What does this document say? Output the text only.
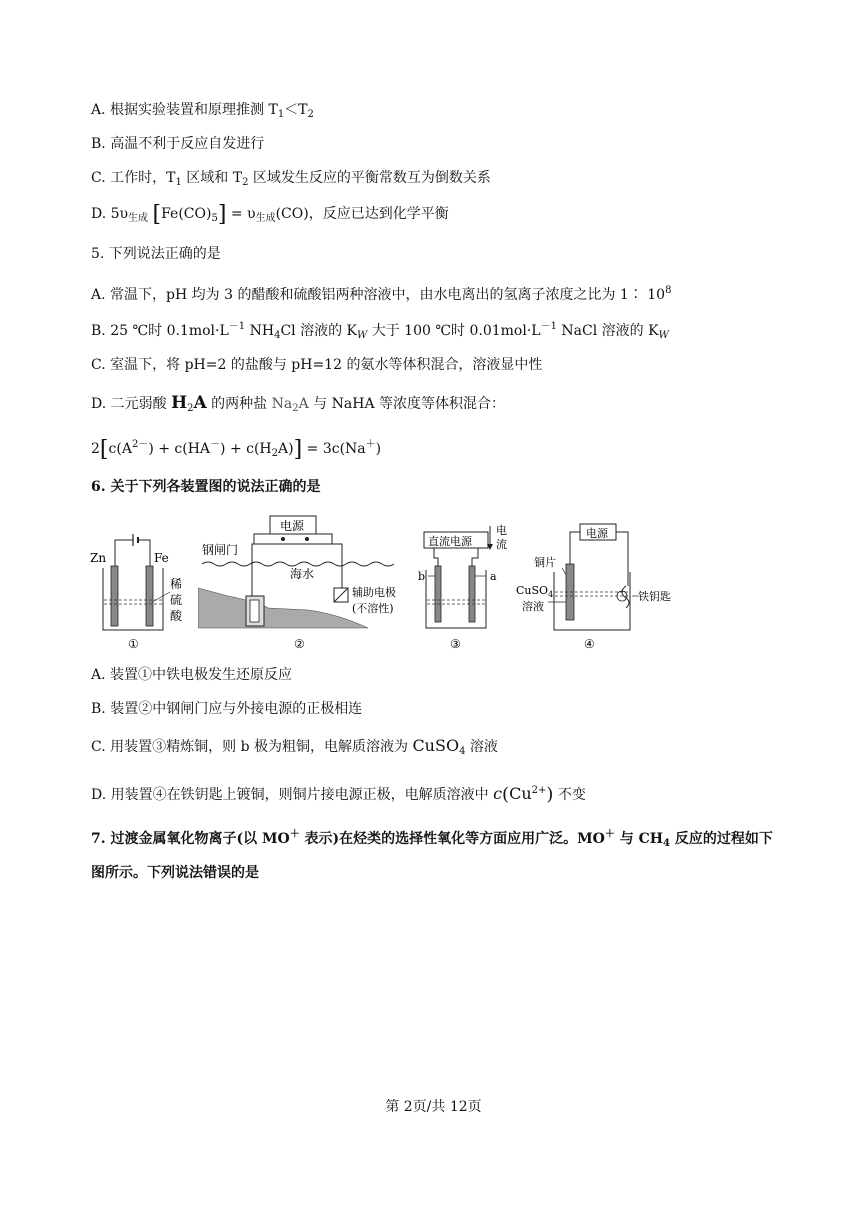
A. 根据实验装置和原理推测 $T_1<T_2$
B. 高温不利于反应自发进行
C. 工作时，$T_1$ 区域和 $T_2$ 区域发生反应的平衡常数互为倒数关系
D. $5\upsilon_{生成}$ $[Fe(CO)_5] = \upsilon_{生成}(CO)$，反应已达到化学平衡
5. 下列说法正确的是
A. 常温下，pH 均为 3 的醋酸和硫酸铝两种溶液中，由水电离出的氢离子浓度之比为 1∶ $10^8$
B. 25 ℃时 $0.1mol\cdot L^{-1}$ $NH_4Cl$ 溶液的 $K_W$ 大于 100 ℃时 $0.01mol\cdot L^{-1}$ NaCl 溶液的 $K_W$
C. 室温下，将 pH=2 的盐酸与 pH=12 的氨水等体积混合，溶液显中性
D. 二元弱酸 $H_2A$ 的两种盐 $Na_2A$ 与 NaHA 等浓度等体积混合：
$2[c(A^{2-}) + c(HA^-) + c(H_2A)] = 3c(Na^+)$
6. 关于下列各装置图的说法正确的是
Zn	Fe
稀
硫
酸
①
电源
钢闸门
海水
辅助电极
(不溶性)
②
直流电源
电
流
b	a
③
电源
铜片
CuSO$_4$
溶液
铁钥匙
④
A. 装置①中铁电极发生还原反应
B. 装置②中钢闸门应与外接电源的正极相连
C. 用装置③精炼铜，则 b 极为粗铜，电解质溶液为 CuSO$_4$ 溶液
D. 用装置④在铁钥匙上镀铜，则铜片接电源正极，电解质溶液中 $c(Cu^{2+})$ 不变
7. 过渡金属氧化物离子(以 MO＋ 表示)在烃类的选择性氧化等方面应用广泛。MO＋ 与 $CH_4$ 反应的过程如下
图所示。下列说法错误的是
第 2页/共 12页
